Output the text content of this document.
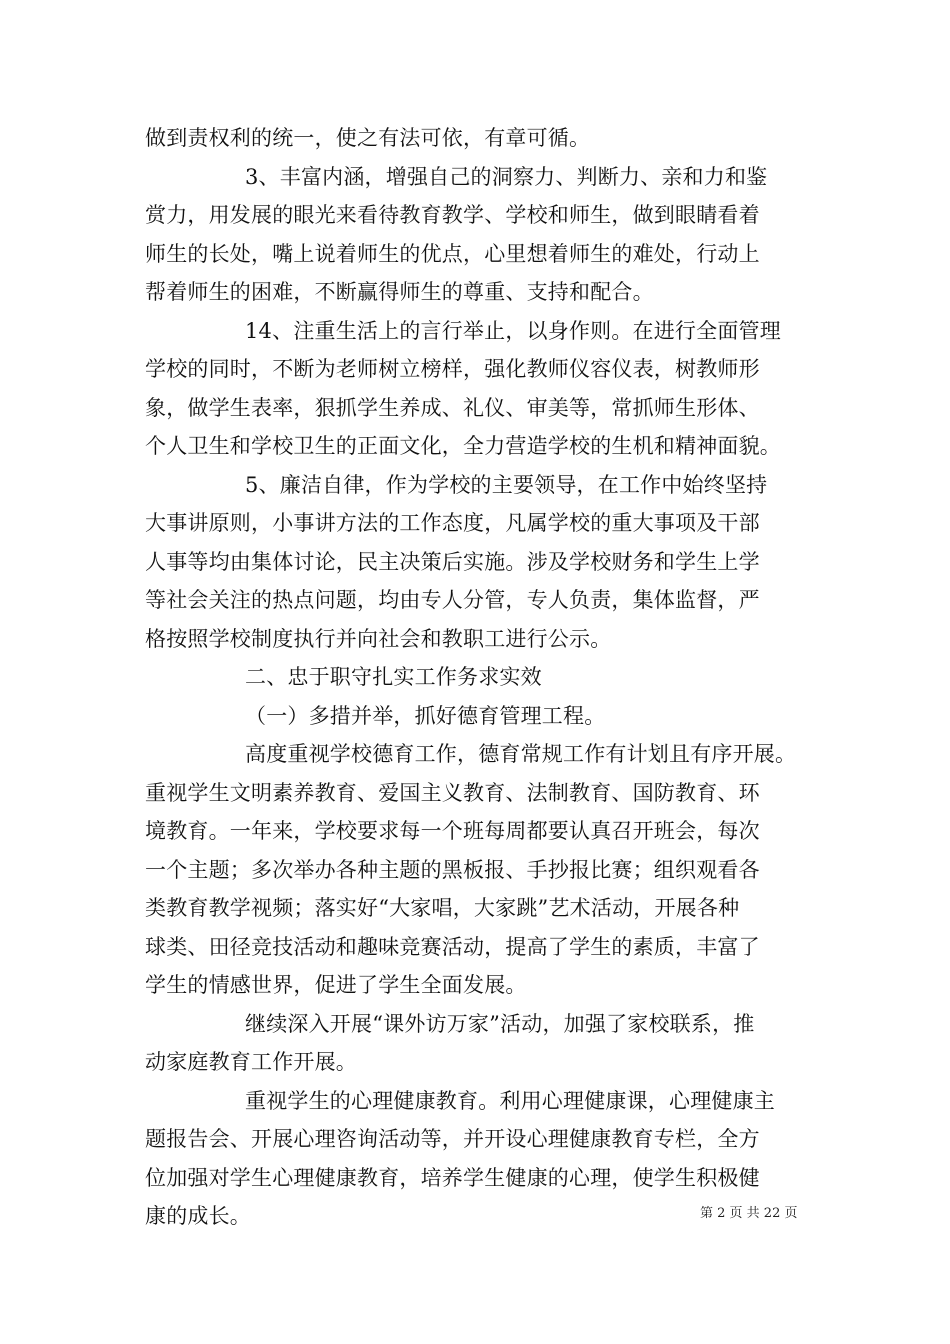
做到责权利的统一，使之有法可依，有章可循。
3、丰富内涵，增强自己的洞察力、判断力、亲和力和鉴
赏力，用发展的眼光来看待教育教学、学校和师生，做到眼睛看着
师生的长处，嘴上说着师生的优点，心里想着师生的难处，行动上
帮着师生的困难，不断赢得师生的尊重、支持和配合。
14、注重生活上的言行举止，以身作则。在进行全面管理
学校的同时，不断为老师树立榜样，强化教师仪容仪表，树教师形
象，做学生表率，狠抓学生养成、礼仪、审美等，常抓师生形体、
个人卫生和学校卫生的正面文化，全力营造学校的生机和精神面貌。
5、廉洁自律，作为学校的主要领导，在工作中始终坚持
大事讲原则，小事讲方法的工作态度，凡属学校的重大事项及干部
人事等均由集体讨论，民主决策后实施。涉及学校财务和学生上学
等社会关注的热点问题，均由专人分管，专人负责，集体监督，严
格按照学校制度执行并向社会和教职工进行公示。
二、忠于职守扎实工作务求实效
（一）多措并举，抓好德育管理工程。
高度重视学校德育工作，德育常规工作有计划且有序开展。
重视学生文明素养教育、爱国主义教育、法制教育、国防教育、环
境教育。一年来，学校要求每一个班每周都要认真召开班会，每次
一个主题；多次举办各种主题的黑板报、手抄报比赛；组织观看各
类教育教学视频；落实好“大家唱，大家跳”艺术活动，开展各种
球类、田径竞技活动和趣味竞赛活动，提高了学生的素质，丰富了
学生的情感世界，促进了学生全面发展。
继续深入开展“课外访万家”活动，加强了家校联系，推
动家庭教育工作开展。
重视学生的心理健康教育。利用心理健康课，心理健康主
题报告会、开展心理咨询活动等，并开设心理健康教育专栏，全方
位加强对学生心理健康教育，培养学生健康的心理，使学生积极健
康的成长。	第 2 页 共 22 页
